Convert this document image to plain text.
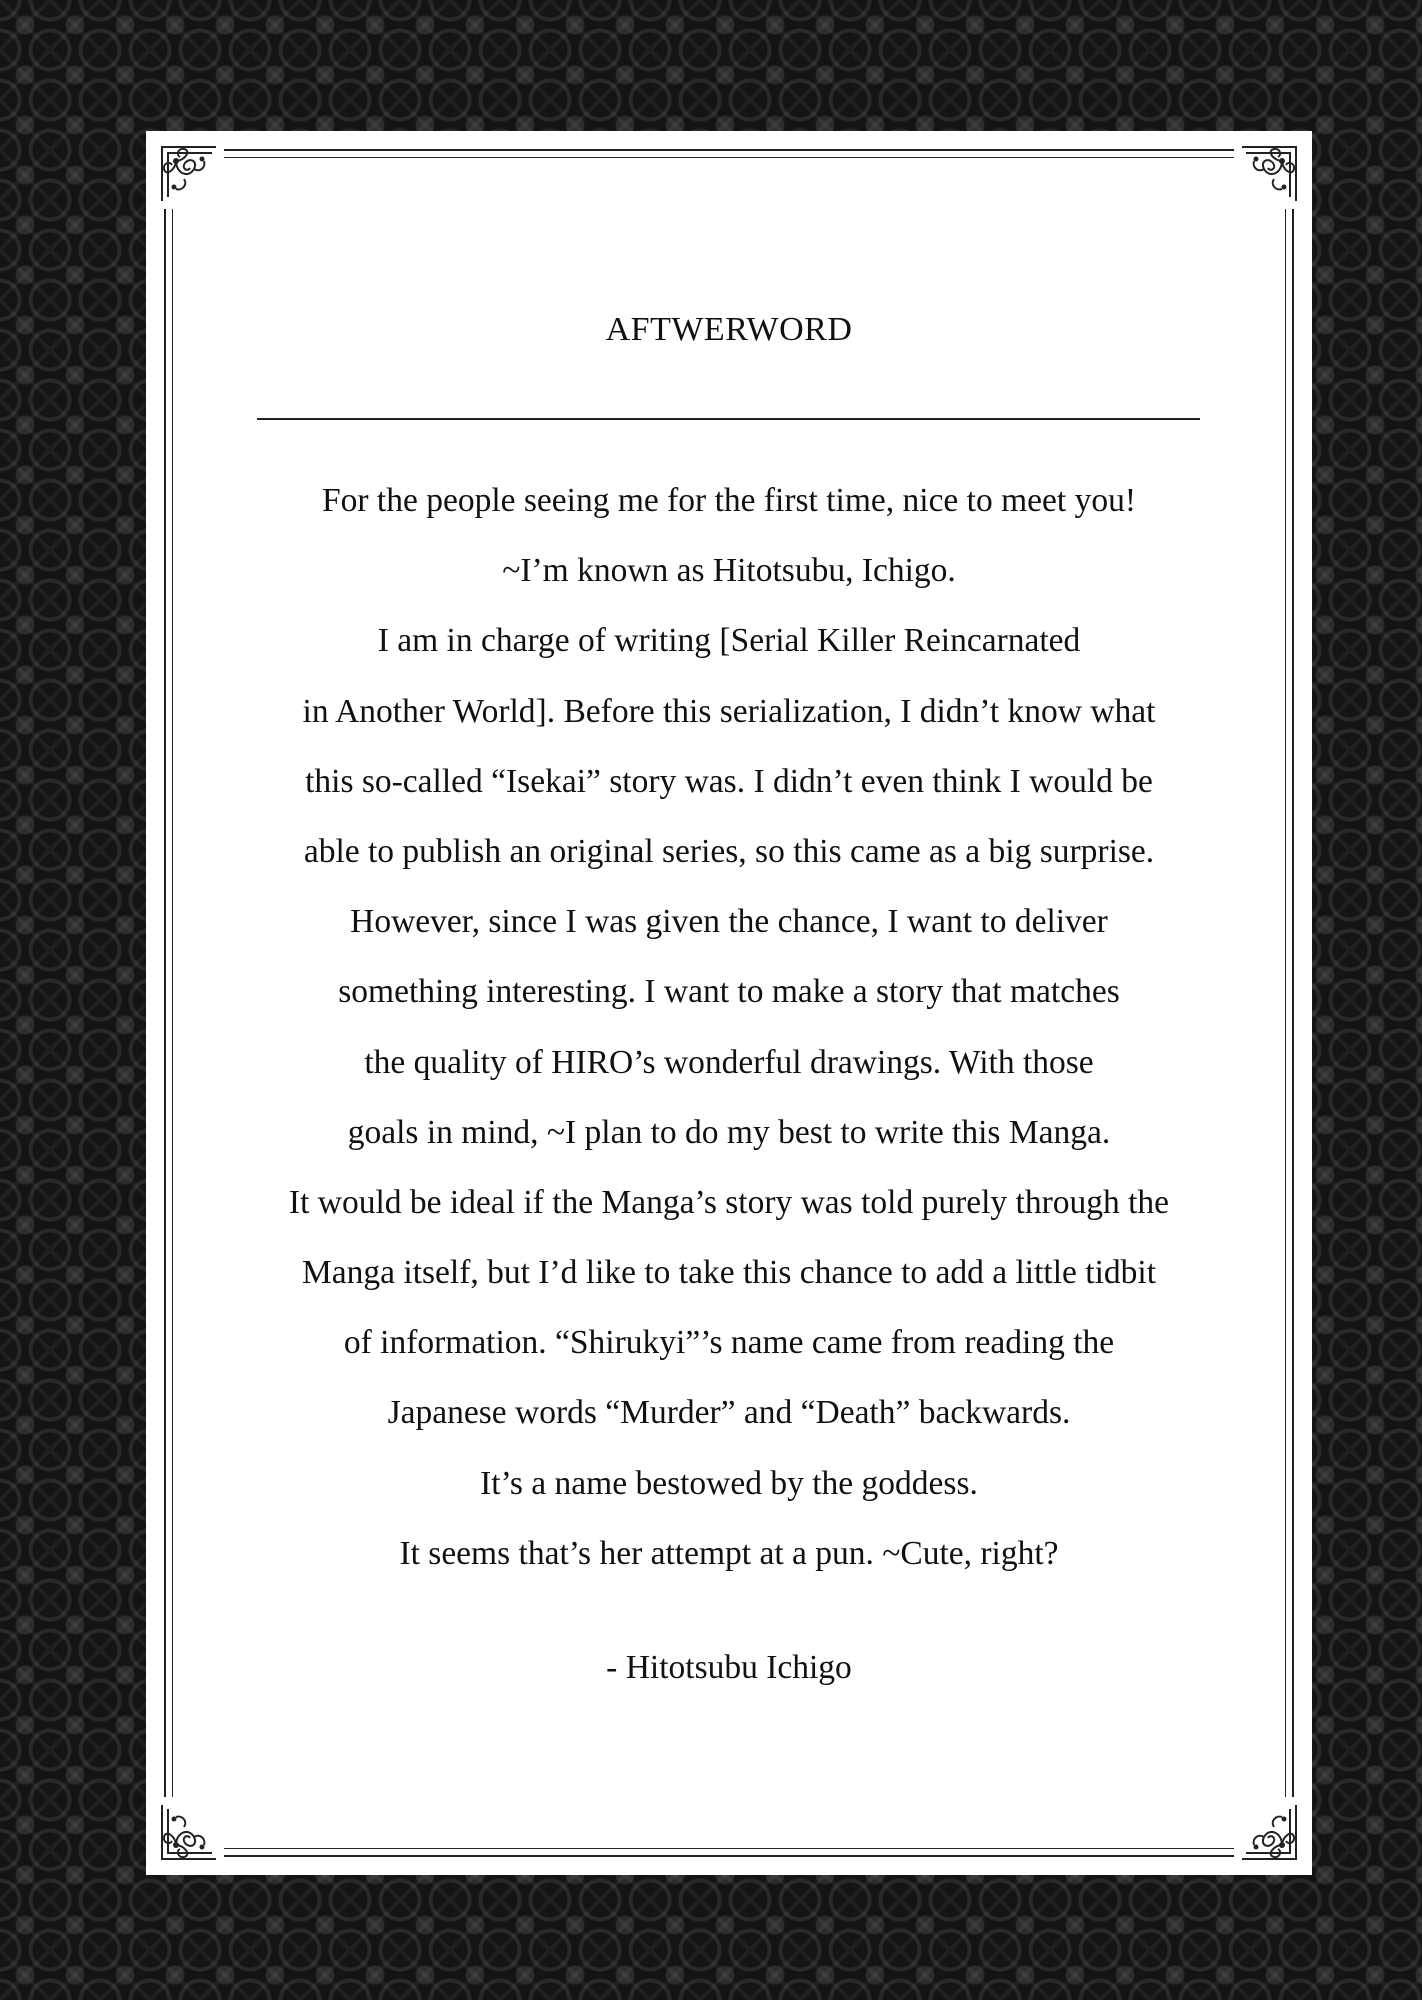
AFTWERWORD
For the people seeing me for the first time, nice to meet you!
~I’m known as Hitotsubu, Ichigo.
I am in charge of writing [Serial Killer Reincarnated
in Another World]. Before this serialization, I didn’t know what
this so-called “Isekai” story was. I didn’t even think I would be
able to publish an original series, so this came as a big surprise.
However, since I was given the chance, I want to deliver
something interesting. I want to make a story that matches
the quality of HIRO’s wonderful drawings. With those
goals in mind, ~I plan to do my best to write this Manga.
It would be ideal if the Manga’s story was told purely through the
Manga itself, but I’d like to take this chance to add a little tidbit
of information. “Shirukyi”’s name came from reading the
Japanese words “Murder” and “Death” backwards.
It’s a name bestowed by the goddess.
It seems that’s her attempt at a pun. ~Cute, right?
- Hitotsubu Ichigo
